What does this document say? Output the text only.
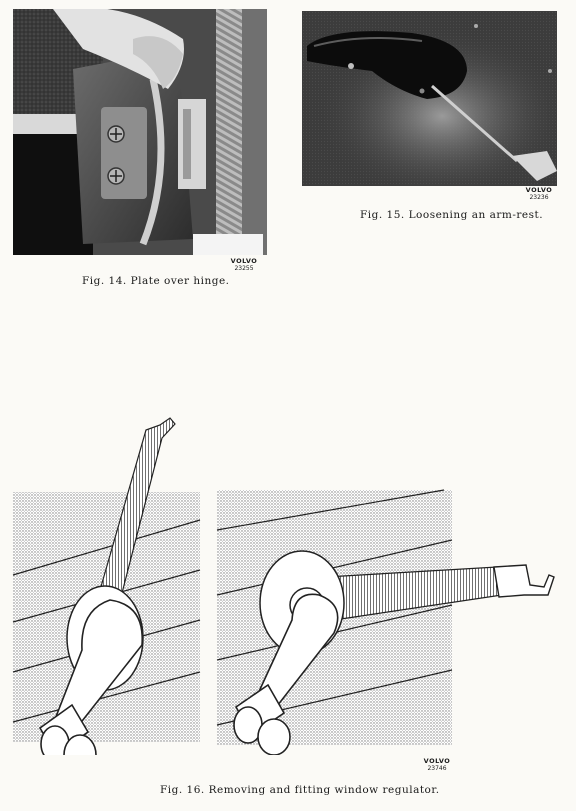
VOLVO
23255
Fig. 14. Plate over hinge.
VOLVO
23236
Fig. 15. Loosening an arm-rest.
VOLVO
23746
Fig. 16. Removing and fitting window regulator.
